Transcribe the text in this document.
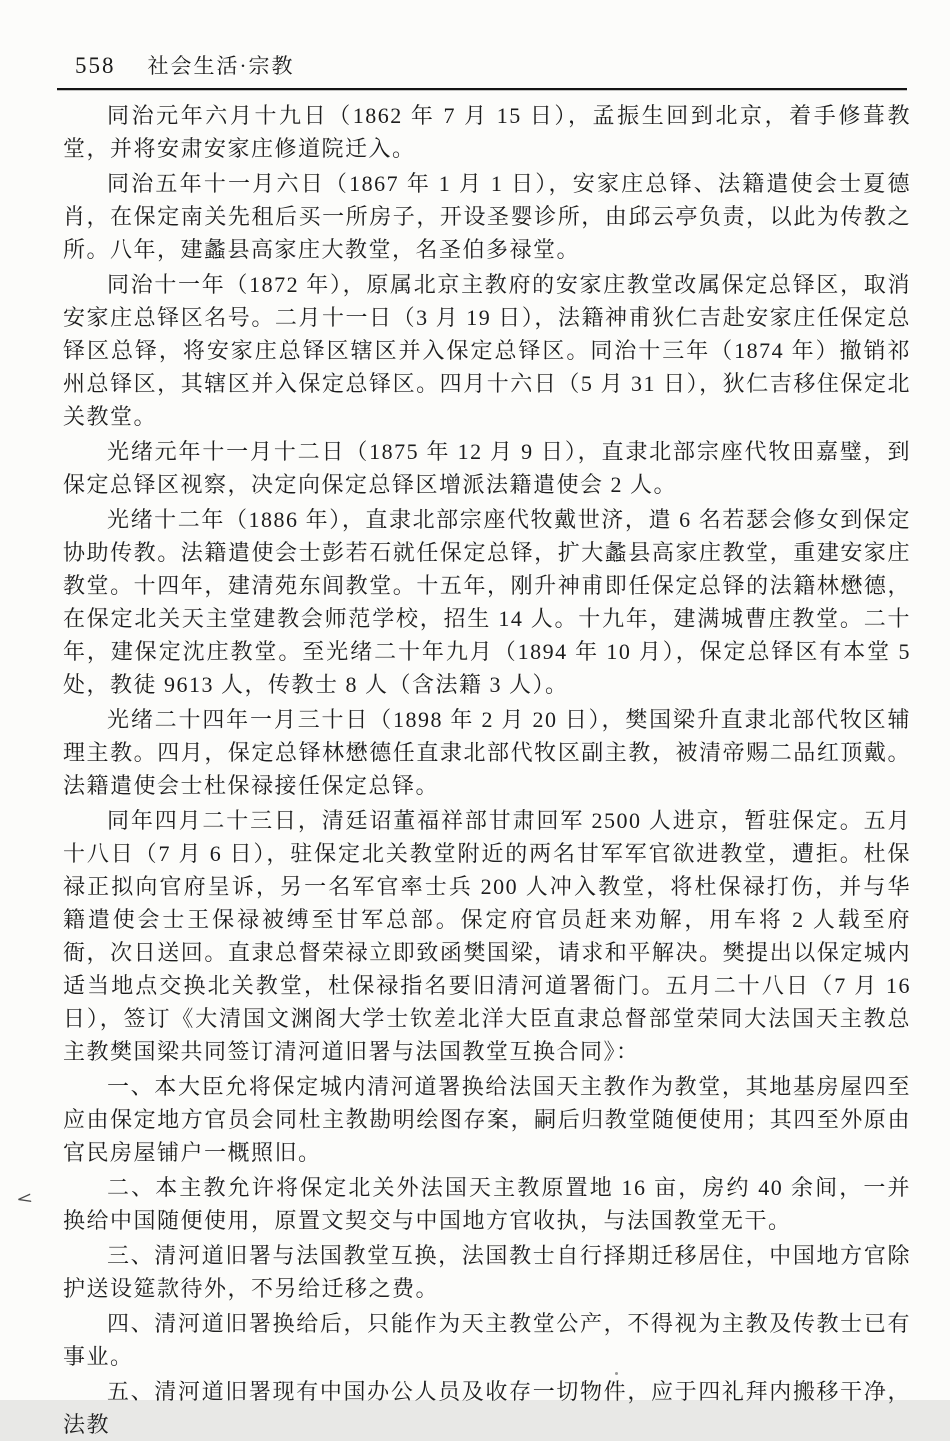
558 社会生活·宗教

同治元年六月十九日（1862 年 7 月 15 日），孟振生回到北京，着手修葺教堂，并将安肃安家庄修道院迁入。

同治五年十一月六日（1867 年 1 月 1 日），安家庄总铎、法籍遣使会士夏德肖，在保定南关先租后买一所房子，开设圣婴诊所，由邱云亭负责，以此为传教之所。八年，建蠡县高家庄大教堂，名圣伯多禄堂。

同治十一年（1872 年），原属北京主教府的安家庄教堂改属保定总铎区，取消安家庄总铎区名号。二月十一日（3 月 19 日），法籍神甫狄仁吉赴安家庄任保定总铎区总铎，将安家庄总铎区辖区并入保定总铎区。同治十三年（1874 年）撤销祁州总铎区，其辖区并入保定总铎区。四月十六日（5 月 31 日），狄仁吉移住保定北关教堂。

光绪元年十一月十二日（1875 年 12 月 9 日），直隶北部宗座代牧田嘉璧，到保定总铎区视察，决定向保定总铎区增派法籍遣使会 2 人。

光绪十二年（1886 年），直隶北部宗座代牧戴世济，遣 6 名若瑟会修女到保定协助传教。法籍遣使会士彭若石就任保定总铎，扩大蠡县高家庄教堂，重建安家庄教堂。十四年，建清苑东闾教堂。十五年，刚升神甫即任保定总铎的法籍林懋德，在保定北关天主堂建教会师范学校，招生 14 人。十九年，建满城曹庄教堂。二十年，建保定沈庄教堂。至光绪二十年九月（1894 年 10 月），保定总铎区有本堂 5 处，教徒 9613 人，传教士 8 人（含法籍 3 人）。

光绪二十四年一月三十日（1898 年 2 月 20 日），樊国梁升直隶北部代牧区辅理主教。四月，保定总铎林懋德任直隶北部代牧区副主教，被清帝赐二品红顶戴。法籍遣使会士杜保禄接任保定总铎。

同年四月二十三日，清廷诏董福祥部甘肃回军 2500 人进京，暂驻保定。五月十八日（7 月 6 日），驻保定北关教堂附近的两名甘军军官欲进教堂，遭拒。杜保禄正拟向官府呈诉，另一名军官率士兵 200 人冲入教堂，将杜保禄打伤，并与华籍遣使会士王保禄被缚至甘军总部。保定府官员赶来劝解，用车将 2 人载至府衙，次日送回。直隶总督荣禄立即致函樊国梁，请求和平解决。樊提出以保定城内适当地点交换北关教堂，杜保禄指名要旧清河道署衙门。五月二十八日（7 月 16 日），签订《大清国文渊阁大学士钦差北洋大臣直隶总督部堂荣同大法国天主教总主教樊国梁共同签订清河道旧署与法国教堂互换合同》：

一、本大臣允将保定城内清河道署换给法国天主教作为教堂，其地基房屋四至应由保定地方官员会同杜主教勘明绘图存案，嗣后归教堂随便使用；其四至外原由官民房屋铺户一概照旧。

二、本主教允许将保定北关外法国天主教原置地 16 亩，房约 40 余间，一并换给中国随便使用，原置文契交与中国地方官收执，与法国教堂无干。

三、清河道旧署与法国教堂互换，法国教士自行择期迁移居住，中国地方官除护送设筵款待外，不另给迁移之费。

四、清河道旧署换给后，只能作为天主教堂公产，不得视为主教及传教士已有事业。

五、清河道旧署现有中国办公人员及收存一切物件，应于四礼拜内搬移干净，法教

<
